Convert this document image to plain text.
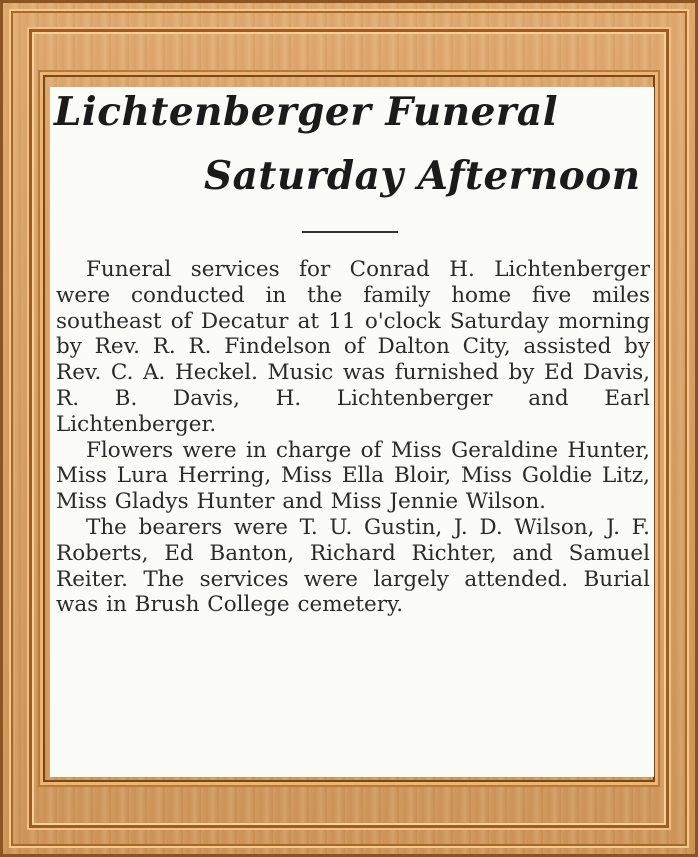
Lichtenberger Funeral
Saturday Afternoon

Funeral services for Conrad H. Lichtenberger were conducted in the family home five miles southeast of Decatur at 11 o'clock Saturday morning by Rev. R. R. Findelson of Dalton City, assisted by Rev. C. A. Heckel. Music was furnished by Ed Davis, R. B. Davis, H. Lichtenberger and Earl Lichtenberger.

Flowers were in charge of Miss Geraldine Hunter, Miss Lura Herring, Miss Ella Bloir, Miss Goldie Litz, Miss Gladys Hunter and Miss Jennie Wilson.

The bearers were T. U. Gustin, J. D. Wilson, J. F. Roberts, Ed Banton, Richard Richter, and Samuel Reiter. The services were largely attended. Burial was in Brush College cemetery.
